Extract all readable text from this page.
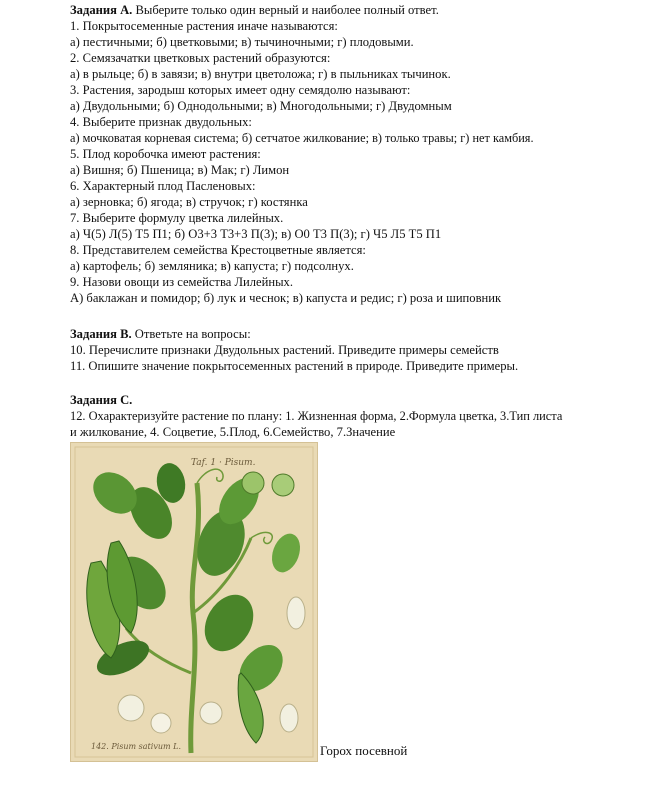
Задания А. Выберите только один верный и наиболее полный ответ.
1. Покрытосеменные растения иначе называются:
а) пестичными; б) цветковыми; в) тычиночными; г) плодовыми.
2. Семязачатки цветковых растений образуются:
а) в рыльце; б) в завязи; в) внутри цветоложа; г) в пыльниках тычинок.
3. Растения, зародыш которых имеет одну семядолю называют:
а) Двудольными; б) Однодольными; в) Многодольными; г) Двудомным
4. Выберите признак двудольных:
а) мочковатая корневая система; б) сетчатое жилкование; в) только травы; г) нет камбия.
5. Плод коробочка имеют растения:
а) Вишня; б) Пшеница; в) Мак; г) Лимон
6. Характерный плод Пасленовых:
а) зерновка; б) ягода; в) стручок; г) костянка
7. Выберите формулу цветка лилейных.
а) Ч(5) Л(5) Т5 П1; б) О3+3 Т3+3 П(3); в) О0 Т3 П(3); г) Ч5 Л5 Т5 П1
8. Представителем семейства Крестоцветные является:
а) картофель; б) земляника; в) капуста; г) подсолнух.
9. Назови овощи из семейства Лилейных.
А) баклажан и помидор; б) лук и чеснок; в) капуста и редис; г) роза и шиповник
Задания В. Ответьте на вопросы:
10. Перечислите признаки Двудольных растений. Приведите примеры семейств
11. Опишите значение покрытосеменных растений в природе. Приведите примеры.
Задания С.
12. Охарактеризуйте растение по плану: 1. Жизненная форма, 2.Формула цветка, 3.Тип листа
и жилкование, 4. Соцветие, 5.Плод, 6.Семейство, 7.Значение
Taf. 1 · Pisum.
142. Pisum sativum L.	Горох посевной
